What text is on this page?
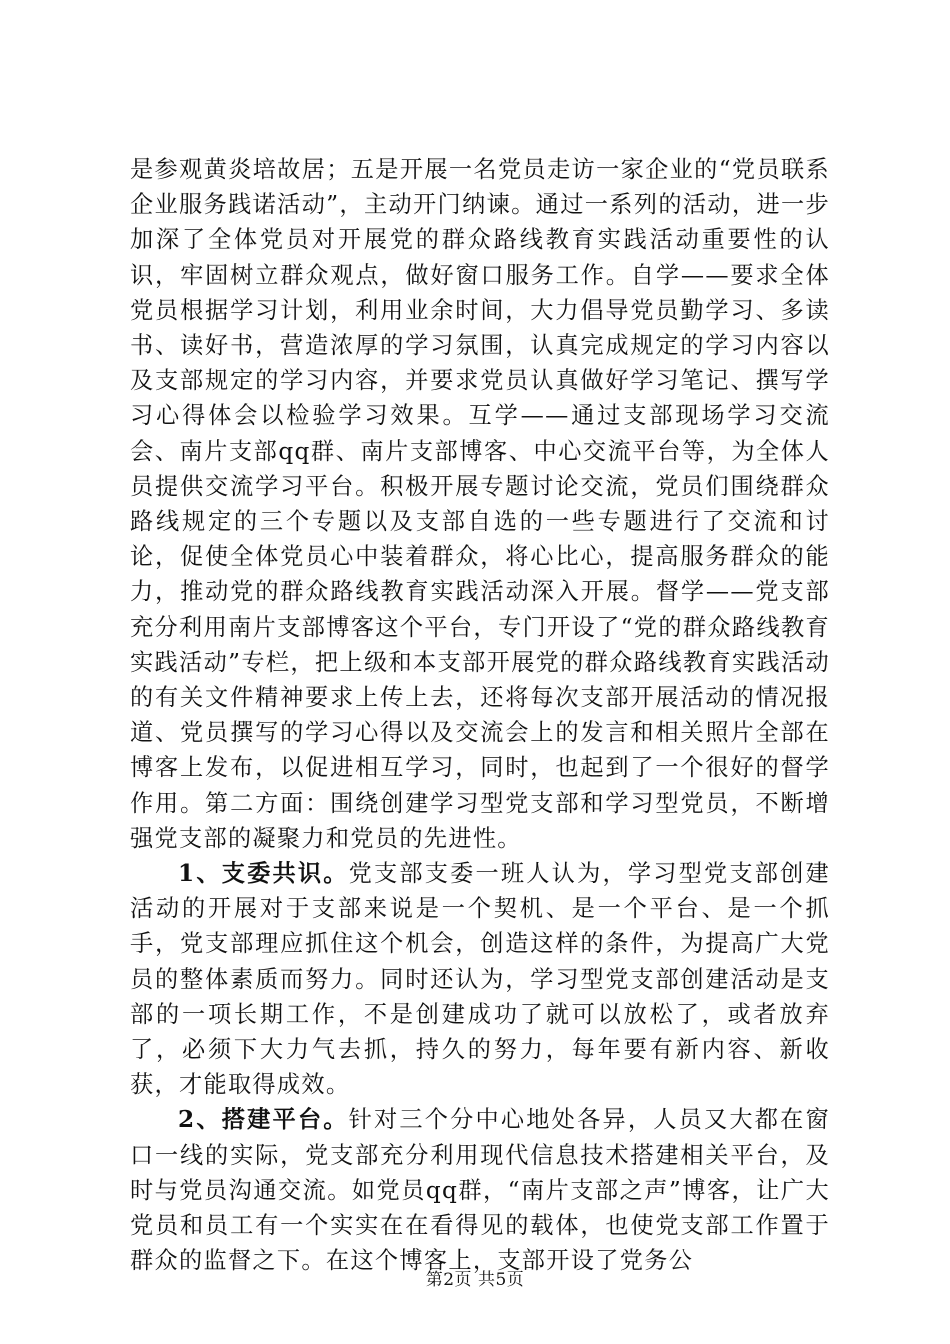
是参观黄炎培故居；五是开展一名党员走访一家企业的“党员联系企业服务践诺活动”，主动开门纳谏。通过一系列的活动，进一步加深了全体党员对开展党的群众路线教育实践活动重要性的认识，牢固树立群众观点，做好窗口服务工作。自学——要求全体党员根据学习计划，利用业余时间，大力倡导党员勤学习、多读书、读好书，营造浓厚的学习氛围，认真完成规定的学习内容以及支部规定的学习内容，并要求党员认真做好学习笔记、撰写学习心得体会以检验学习效果。互学——通过支部现场学习交流会、南片支部qq群、南片支部博客、中心交流平台等，为全体人员提供交流学习平台。积极开展专题讨论交流，党员们围绕群众路线规定的三个专题以及支部自选的一些专题进行了交流和讨论，促使全体党员心中装着群众，将心比心，提高服务群众的能力，推动党的群众路线教育实践活动深入开展。督学——党支部充分利用南片支部博客这个平台，专门开设了“党的群众路线教育实践活动”专栏，把上级和本支部开展党的群众路线教育实践活动的有关文件精神要求上传上去，还将每次支部开展活动的情况报道、党员撰写的学习心得以及交流会上的发言和相关照片全部在博客上发布，以促进相互学习，同时，也起到了一个很好的督学作用。第二方面：围绕创建学习型党支部和学习型党员，不断增强党支部的凝聚力和党员的先进性。

1、支委共识。党支部支委一班人认为，学习型党支部创建活动的开展对于支部来说是一个契机、是一个平台、是一个抓手，党支部理应抓住这个机会，创造这样的条件，为提高广大党员的整体素质而努力。同时还认为，学习型党支部创建活动是支部的一项长期工作，不是创建成功了就可以放松了，或者放弃了，必须下大力气去抓，持久的努力，每年要有新内容、新收获，才能取得成效。

2、搭建平台。针对三个分中心地处各异，人员又大都在窗口一线的实际，党支部充分利用现代信息技术搭建相关平台，及时与党员沟通交流。如党员qq群，“南片支部之声”博客，让广大党员和员工有一个实实在在看得见的载体，也使党支部工作置于群众的监督之下。在这个博客上，支部开设了党务公

第2页 共5页
